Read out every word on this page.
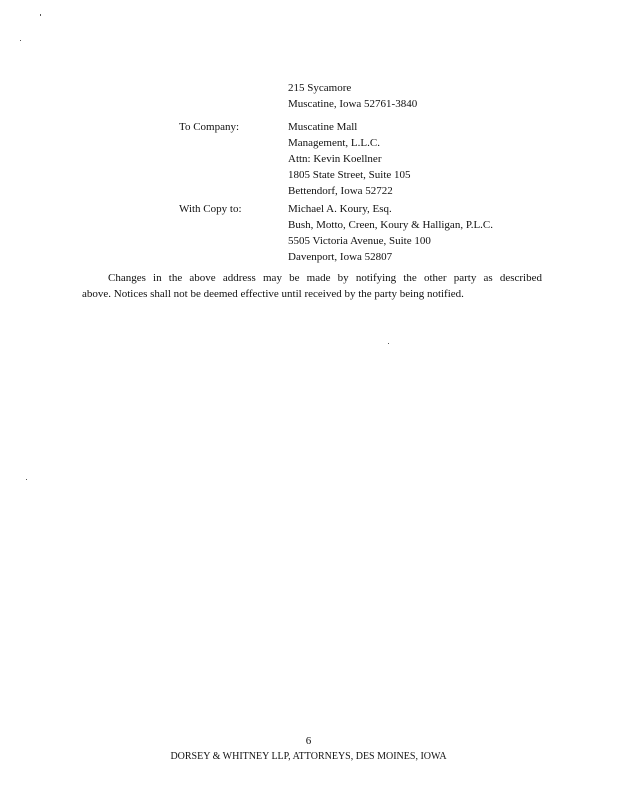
215 Sycamore
Muscatine, Iowa 52761-3840
To Company:	Muscatine Mall
Management, L.L.C.
Attn: Kevin Koellner
1805 State Street, Suite 105
Bettendorf, Iowa 52722
With Copy to:	Michael A. Koury, Esq.
Bush, Motto, Creen, Koury & Halligan, P.L.C.
5505 Victoria Avenue, Suite 100
Davenport, Iowa 52807
Changes in the above address may be made by notifying the other party as described
above. Notices shall not be deemed effective until received by the party being notified.
6
DORSEY & WHITNEY LLP, ATTORNEYS, DES MOINES, IOWA
